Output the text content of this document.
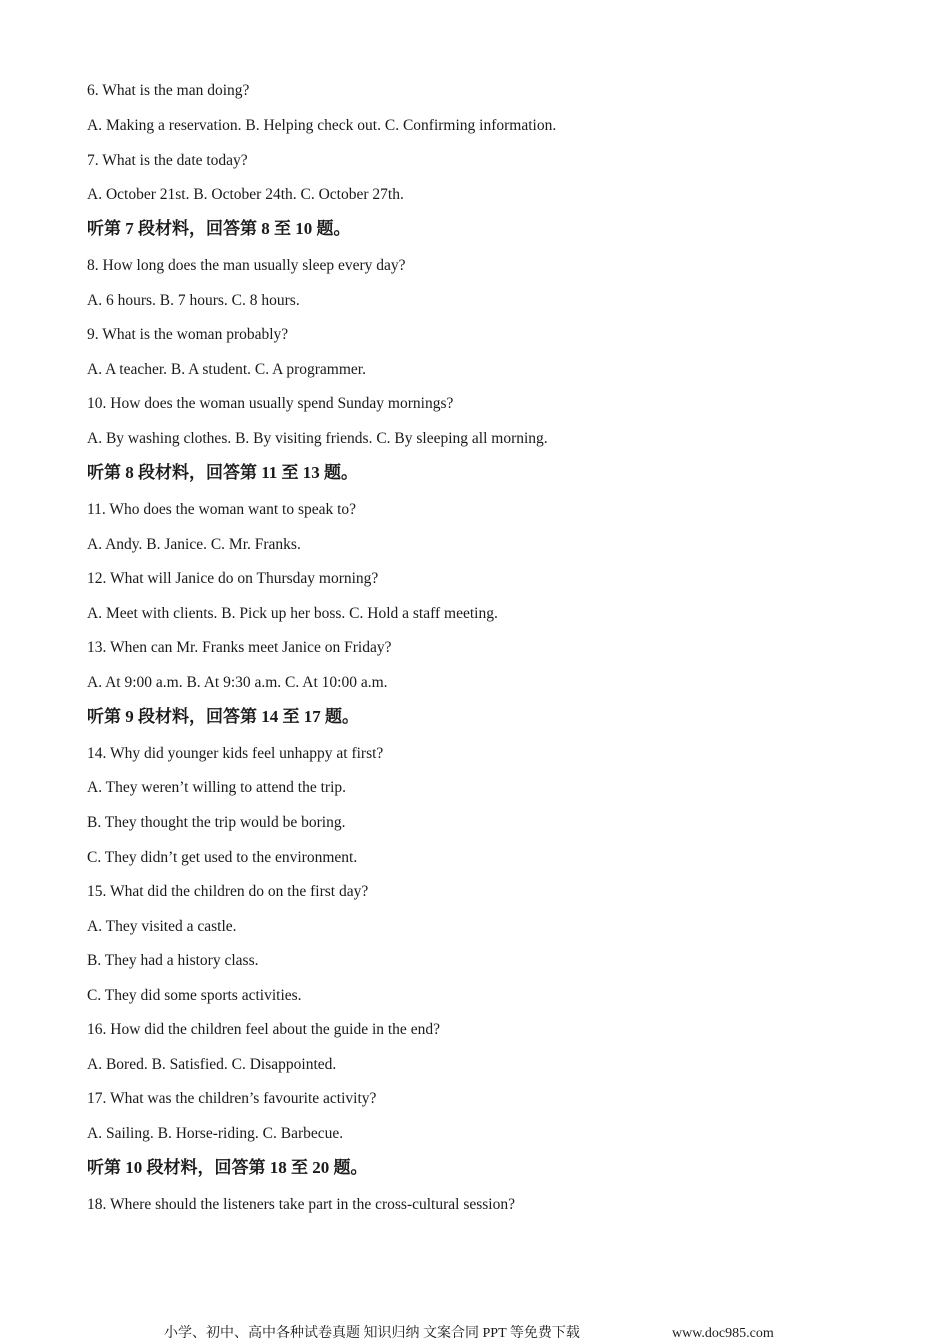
6. What is the man doing?
A. Making a reservation. B. Helping check out. C. Confirming information.
7. What is the date today?
A. October 21st. B. October 24th. C. October 27th.
听第 7 段材料，回答第 8 至 10 题。
8. How long does the man usually sleep every day?
A. 6 hours. B. 7 hours. C. 8 hours.
9. What is the woman probably?
A. A teacher. B. A student. C. A programmer.
10. How does the woman usually spend Sunday mornings?
A. By washing clothes. B. By visiting friends. C. By sleeping all morning.
听第 8 段材料，回答第 11 至 13 题。
11. Who does the woman want to speak to?
A. Andy. B. Janice. C. Mr. Franks.
12. What will Janice do on Thursday morning?
A. Meet with clients. B. Pick up her boss. C. Hold a staff meeting.
13. When can Mr. Franks meet Janice on Friday?
A. At 9:00 a.m. B. At 9:30 a.m. C. At 10:00 a.m.
听第 9 段材料，回答第 14 至 17 题。
14. Why did younger kids feel unhappy at first?
A. They weren’t willing to attend the trip.
B. They thought the trip would be boring.
C. They didn’t get used to the environment.
15. What did the children do on the first day?
A. They visited a castle.
B. They had a history class.
C. They did some sports activities.
16. How did the children feel about the guide in the end?
A. Bored. B. Satisfied. C. Disappointed.
17. What was the children’s favourite activity?
A. Sailing. B. Horse-riding. C. Barbecue.
听第 10 段材料，回答第 18 至 20 题。
18. Where should the listeners take part in the cross-cultural session?
小学、初中、高中各种试卷真题 知识归纳 文案合同 PPT 等免费下载	www.doc985.com
